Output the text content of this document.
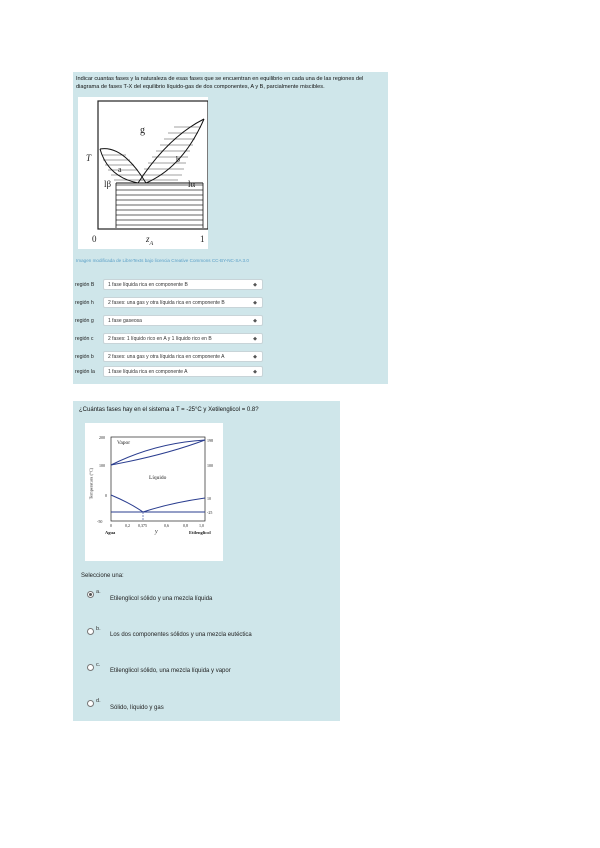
Indicar cuantas fases y la naturaleza de esas fases que se encuentran en equilibrio en cada una de las regiones del diagrama de fases T-X del equilibrio líquido-gas de dos componentes, A y B, parcialmente miscibles.
g
b
a
lβ	lα
T
0	1
$z_A$
Imagen modificada de LibreTexts bajo licencia Creative Commons CC-BY-NC-SA 3.0
región B	1 fase líquida rica en componente B	◆
región h	2 fases: una gas y otra líquida rica en componente B	◆
región g	1 fase gaseosa	◆
región c	2 fases: 1 líquido rico en A y 1 líquido rico en B	◆
región b	2 fases: una gas y otra líquida rica en componente A	◆
región la	1 fase líquida rica en componente A	◆
¿Cuántas fases hay en el sistema a T = -25°C y Xetilenglicol = 0.8?
Vapor
Líquido
Temperatura (°C)
200
100
0
-50
198
100
10
-25
0	0,2 0,375	0,6	0,8	1,0
Agua	y	Etilenglicol
Seleccione una:
a.
Etilenglicol sólido y una mezcla líquida
b.
Los dos componentes sólidos y una mezcla eutéctica
c.
Etilenglicol sólido, una mezcla líquida y vapor
d.
Sólido, líquido y gas
